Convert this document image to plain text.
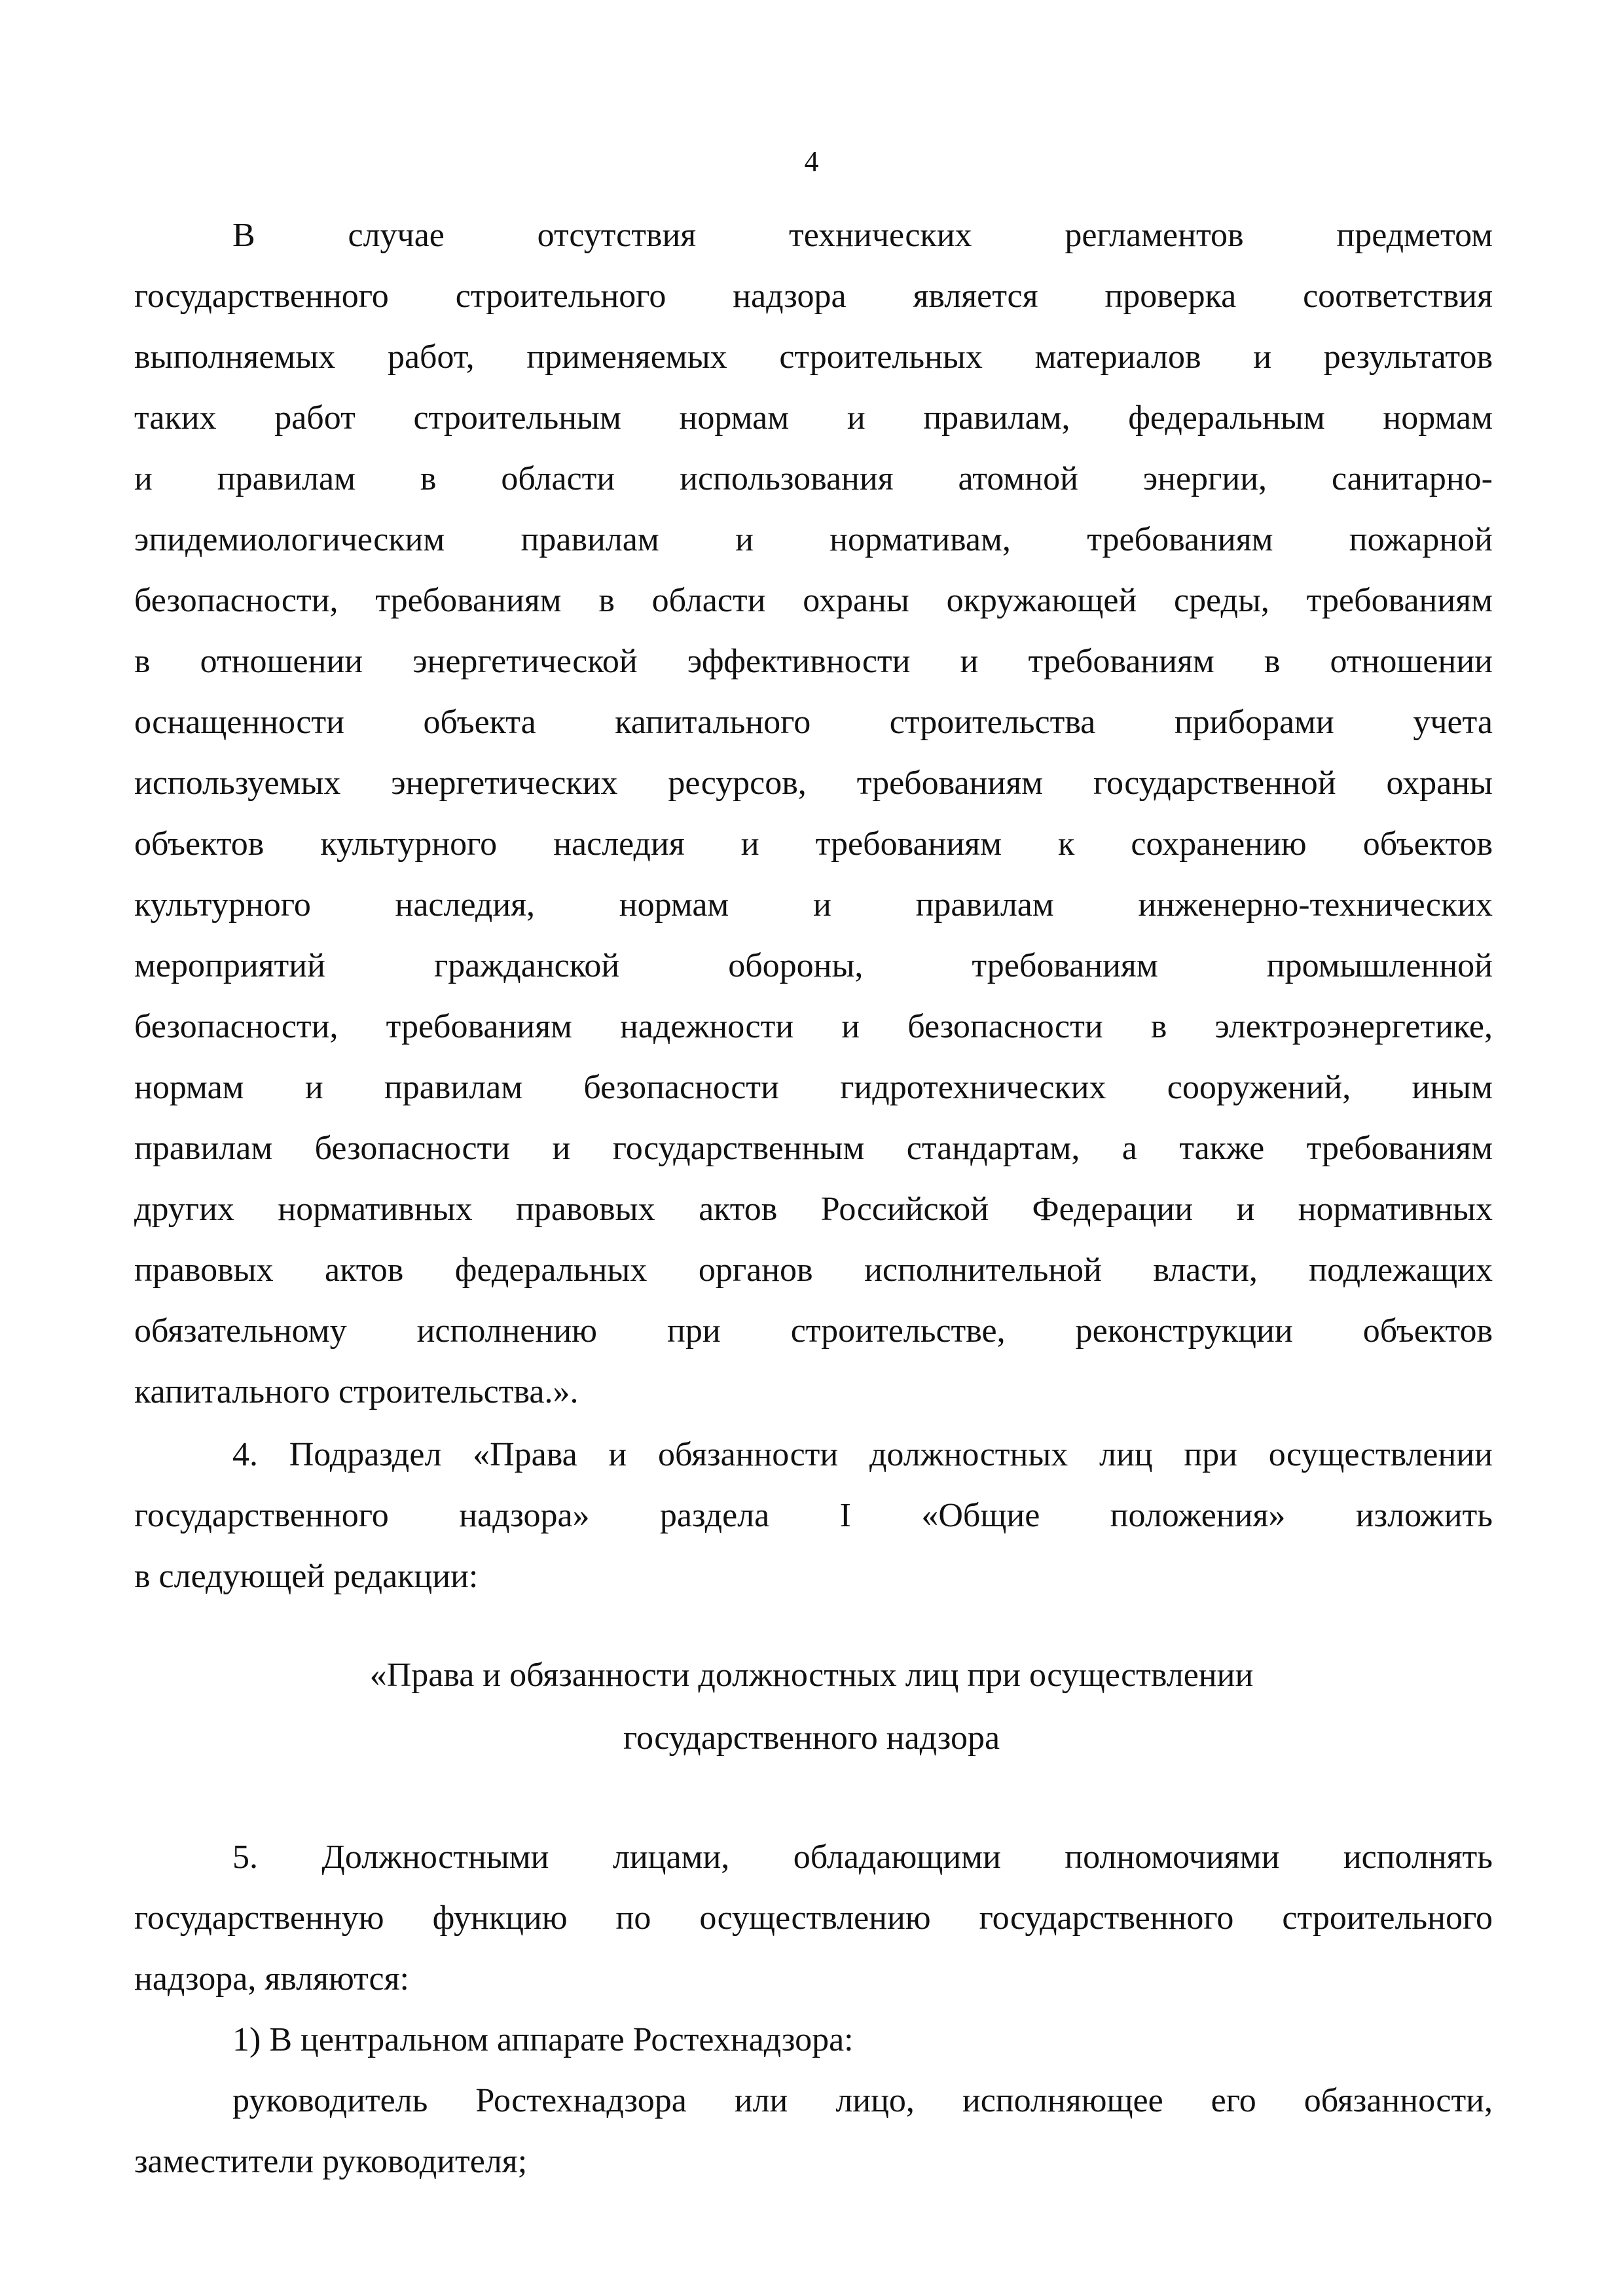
4
В случае отсутствия технических регламентов предметом
государственного строительного надзора является проверка соответствия
выполняемых работ, применяемых строительных материалов и результатов
таких работ строительным нормам и правилам, федеральным нормам
и правилам в области использования атомной энергии, санитарно-
эпидемиологическим правилам и нормативам, требованиям пожарной
безопасности, требованиям в области охраны окружающей среды, требованиям
в отношении энергетической эффективности и требованиям в отношении
оснащенности объекта капитального строительства приборами учета
используемых энергетических ресурсов, требованиям государственной охраны
объектов культурного наследия и требованиям к сохранению объектов
культурного наследия, нормам и правилам инженерно-технических
мероприятий гражданской обороны, требованиям промышленной
безопасности, требованиям надежности и безопасности в электроэнергетике,
нормам и правилам безопасности гидротехнических сооружений, иным
правилам безопасности и государственным стандартам, а также требованиям
других нормативных правовых актов Российской Федерации и нормативных
правовых актов федеральных органов исполнительной власти, подлежащих
обязательному исполнению при строительстве, реконструкции объектов
капитального строительства.».
4. Подраздел «Права и обязанности должностных лиц при осуществлении
государственного надзора» раздела I «Общие положения» изложить
в следующей редакции:
«Права и обязанности должностных лиц при осуществлении
государственного надзора
5. Должностными лицами, обладающими полномочиями исполнять
государственную функцию по осуществлению государственного строительного
надзора, являются:
1) В центральном аппарате Ростехнадзора:
руководитель Ростехнадзора или лицо, исполняющее его обязанности,
заместители руководителя;
